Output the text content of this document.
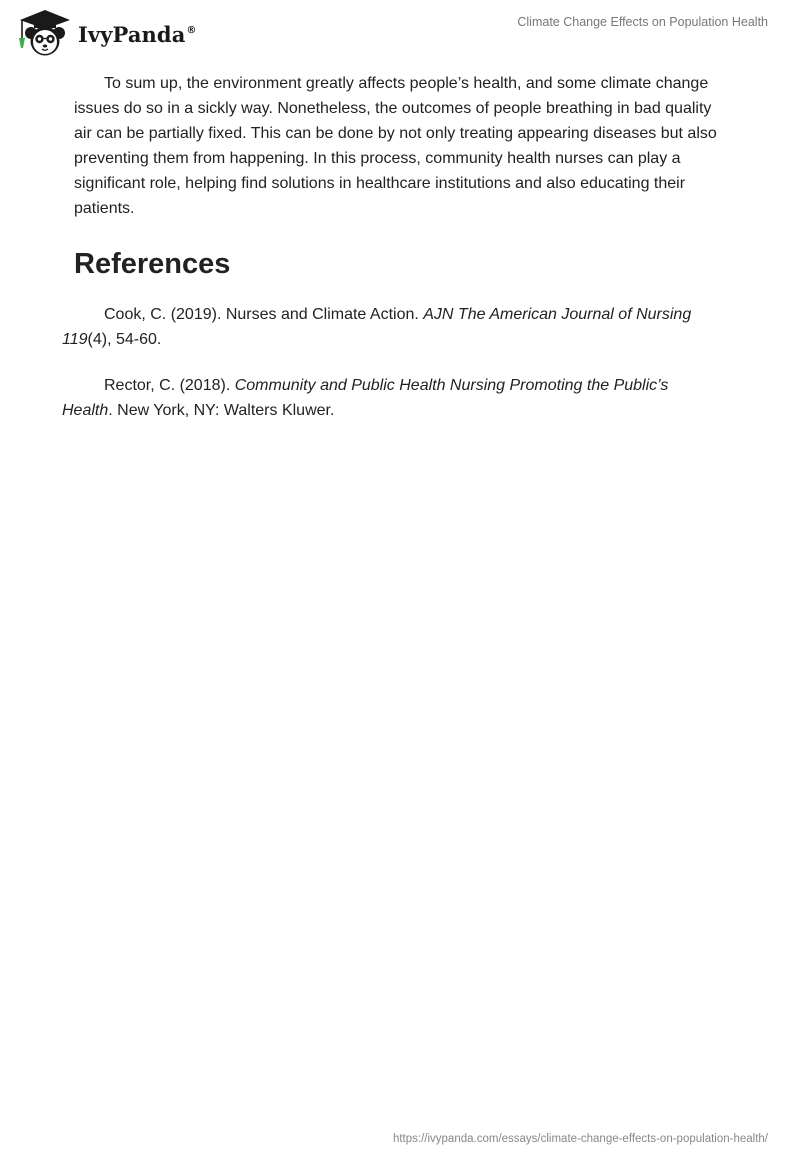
IvyPanda®
Climate Change Effects on Population Health

To sum up, the environment greatly affects people’s health, and some climate change issues do so in a sickly way. Nonetheless, the outcomes of people breathing in bad quality air can be partially fixed. This can be done by not only treating appearing diseases but also preventing them from happening. In this process, community health nurses can play a significant role, helping find solutions in healthcare institutions and also educating their patients.

References

Cook, C. (2019). Nurses and Climate Action. AJN The American Journal of Nursing
119(4), 54-60.

Rector, C. (2018). Community and Public Health Nursing Promoting the Public’s
Health. New York, NY: Walters Kluwer.

https://ivypanda.com/essays/climate-change-effects-on-population-health/
